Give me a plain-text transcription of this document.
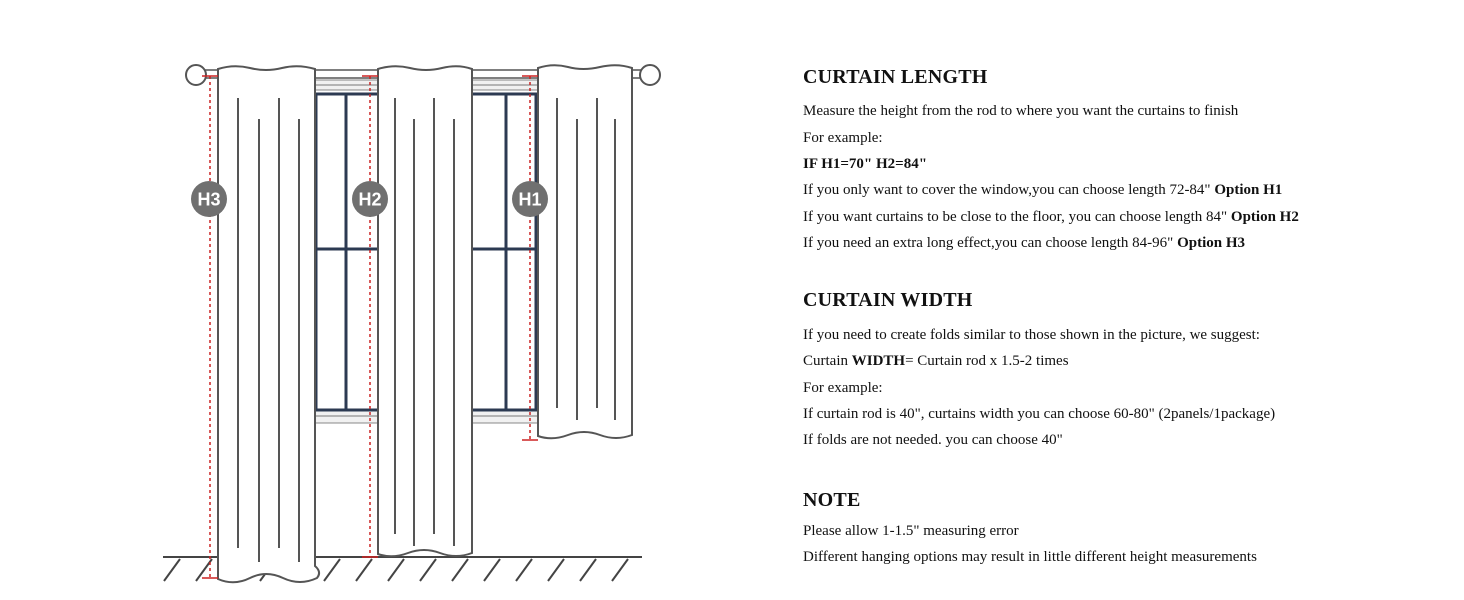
H3	H2	H1
CURTAIN LENGTH
Measure the height from the rod to where you want the curtains to finish
For example:
IF H1=70" H2=84"
If you only want to cover the window,you can choose length 72-84" Option H1
If you want curtains to be close to the floor, you can choose length 84" Option H2
If you need an extra long effect,you can choose length 84-96" Option H3
CURTAIN WIDTH
If you need to create folds similar to those shown in the picture, we suggest:
Curtain WIDTH= Curtain rod x 1.5-2 times
For example:
If curtain rod is 40", curtains width you can choose 60-80" (2panels/1package)
If folds are not needed. you can choose 40"
NOTE
Please allow 1-1.5" measuring error
Different hanging options may result in little different height measurements
